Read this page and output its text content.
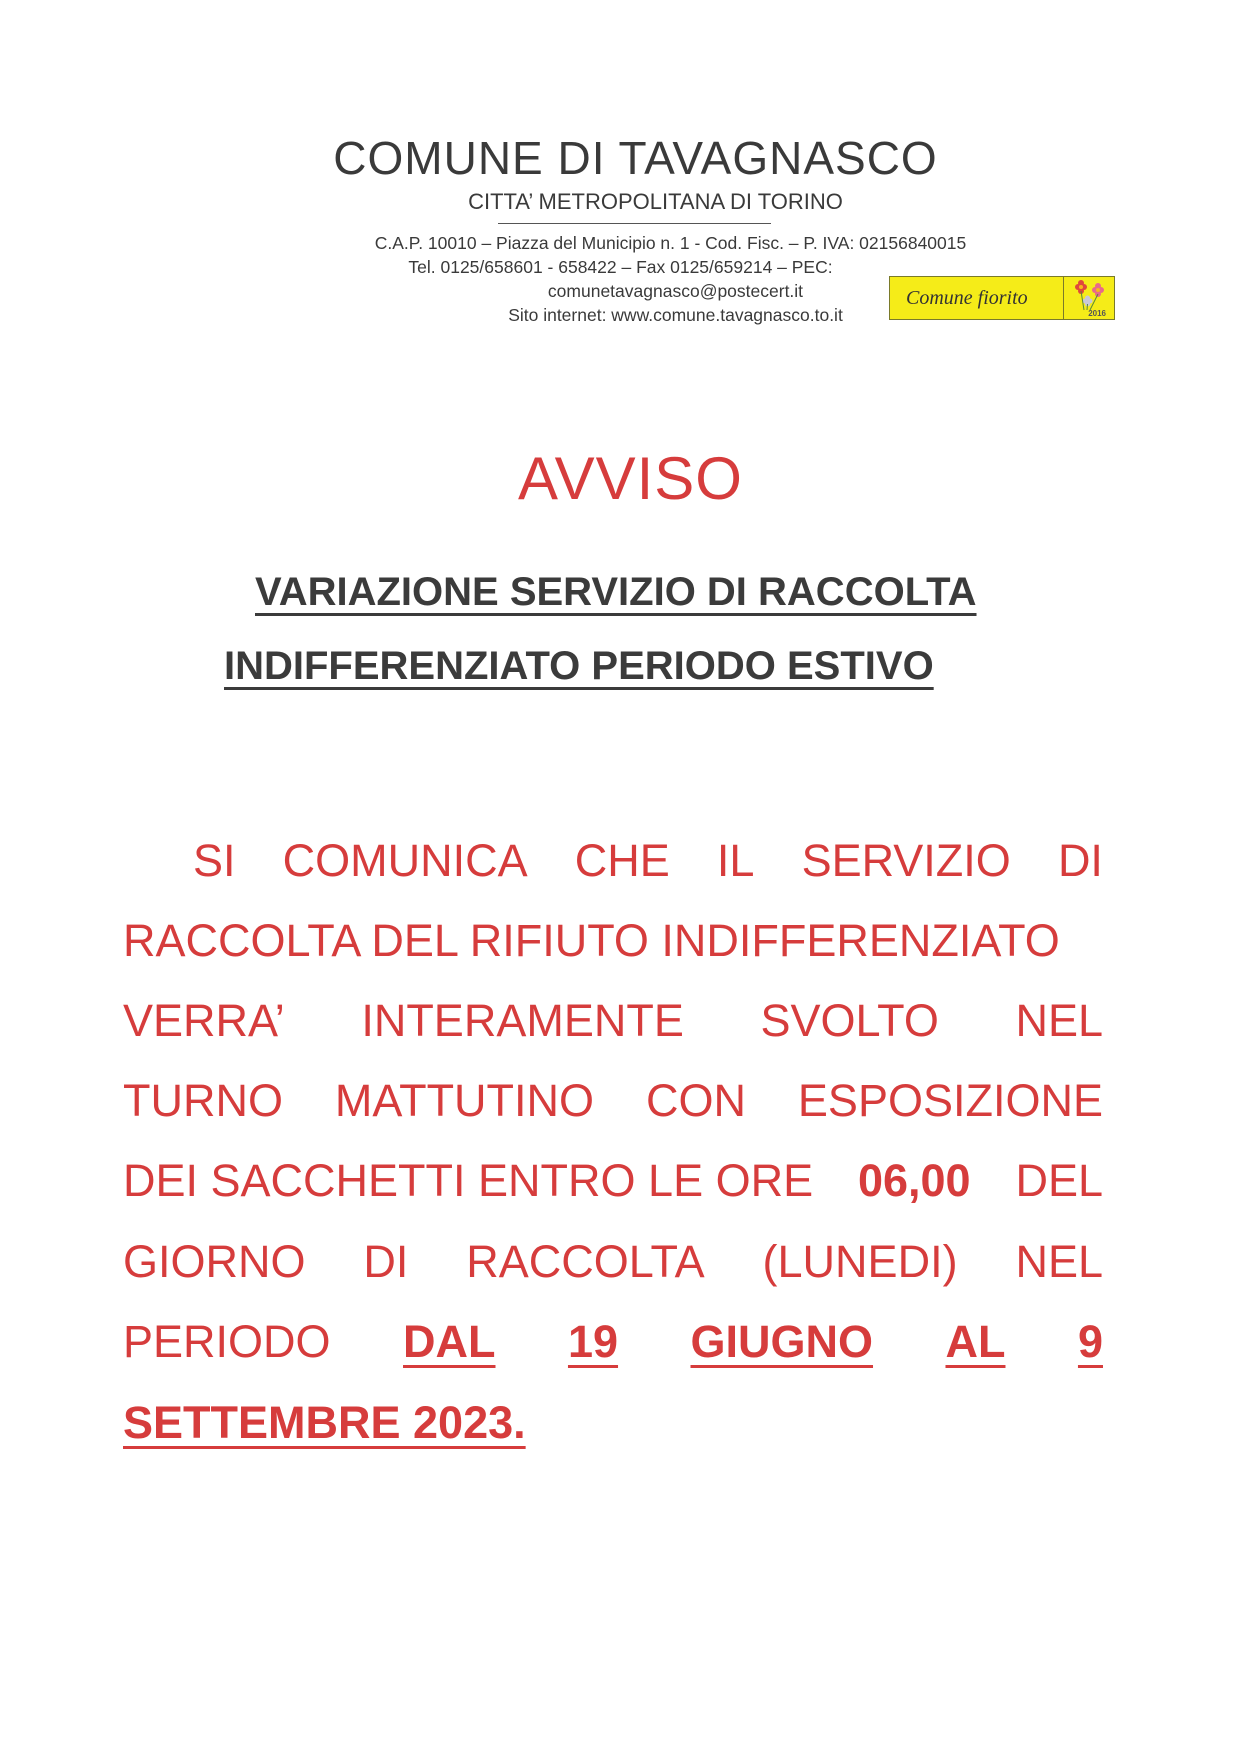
COMUNE DI TAVAGNASCO
CITTA’ METROPOLITANA DI TORINO
C.A.P. 10010 – Piazza del Municipio n. 1 - Cod. Fisc. – P. IVA: 02156840015
Tel. 0125/658601 - 658422 – Fax 0125/659214 – PEC:
comunetavagnasco@postecert.it
Sito internet: www.comune.tavagnasco.to.it
Comune fiorito
2016
AVVISO
VARIAZIONE SERVIZIO DI RACCOLTA
INDIFFERENZIATO PERIODO ESTIVO
SI COMUNICA CHE IL SERVIZIO DI
RACCOLTA DEL RIFIUTO INDIFFERENZIATO
VERRA’ INTERAMENTE SVOLTO NEL
TURNO MATTUTINO CON ESPOSIZIONE
DEI SACCHETTI ENTRO LE ORE 06,00 DEL
GIORNO DI RACCOLTA (LUNEDI) NEL
PERIODO DAL 19 GIUGNO AL 9
SETTEMBRE 2023.
